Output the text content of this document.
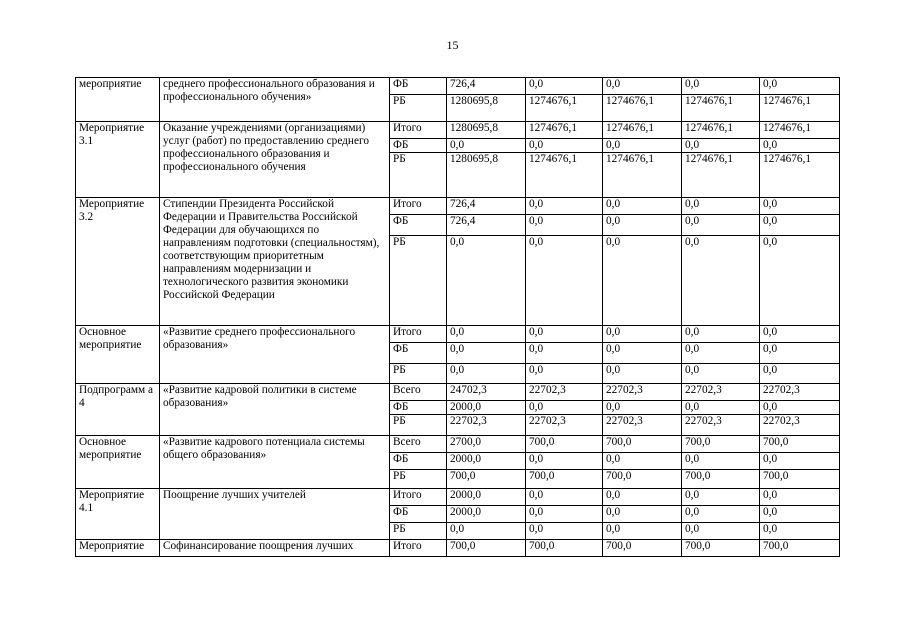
15
мероприятие	среднего профессионального образования и профессионального обучения»	ФБ	726,4	0,0	0,0	0,0	0,0
		РБ	1280695,8	1274676,1	1274676,1	1274676,1	1274676,1
Мероприятие 3.1	Оказание учреждениями (организациями) услуг (работ) по предоставлению среднего профессионального образования и профессионального обучения	Итого	1280695,8	1274676,1	1274676,1	1274676,1	1274676,1
		ФБ	0,0	0,0	0,0	0,0	0,0
		РБ	1280695,8	1274676,1	1274676,1	1274676,1	1274676,1
Мероприятие 3.2	Стипендии Президента Российской Федерации и Правительства Российской Федерации для обучающихся по направлениям подготовки (специальностям), соответствующим приоритетным направлениям модернизации и технологического развития экономики Российской Федерации	Итого	726,4	0,0	0,0	0,0	0,0
		ФБ	726,4	0,0	0,0	0,0	0,0
		РБ	0,0	0,0	0,0	0,0	0,0
Основное мероприятие	«Развитие среднего профессионального образования»	Итого	0,0	0,0	0,0	0,0	0,0
		ФБ	0,0	0,0	0,0	0,0	0,0
		РБ	0,0	0,0	0,0	0,0	0,0
Подпрограмм а 4	«Развитие кадровой политики в системе образования»	Всего	24702,3	22702,3	22702,3	22702,3	22702,3
		ФБ	2000,0	0,0	0,0	0,0	0,0
		РБ	22702,3	22702,3	22702,3	22702,3	22702,3
Основное мероприятие	«Развитие кадрового потенциала системы общего образования»	Всего	2700,0	700,0	700,0	700,0	700,0
		ФБ	2000,0	0,0	0,0	0,0	0,0
		РБ	700,0	700,0	700,0	700,0	700,0
Мероприятие 4.1	Поощрение лучших учителей	Итого	2000,0	0,0	0,0	0,0	0,0
		ФБ	2000,0	0,0	0,0	0,0	0,0
		РБ	0,0	0,0	0,0	0,0	0,0
Мероприятие	Софинансирование поощрения лучших	Итого	700,0	700,0	700,0	700,0	700,0
